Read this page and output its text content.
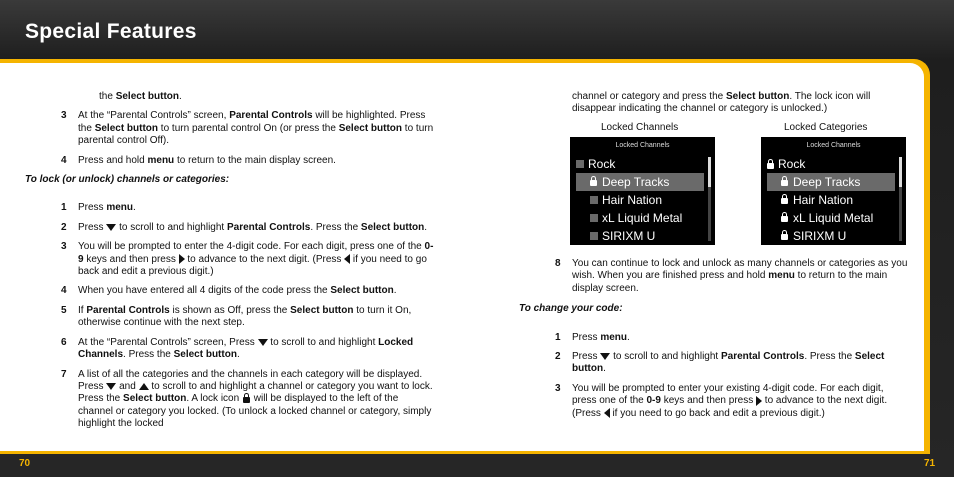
Special Features

the Select button.

3 At the “Parental Controls” screen, Parental Controls will be highlighted. Press the Select button to turn parental control On (or press the Select button to turn parental control Off).

4 Press and hold menu to return to the main display screen.

To lock (or unlock) channels or categories:

1 Press menu.

2 Press  to scroll to and highlight Parental Controls. Press the Select button.

3 You will be prompted to enter the 4-digit code. For each digit, press one of the 0-9 keys and then press  to advance to the next digit. (Press  if you need to go back and edit a previous digit.)

4 When you have entered all 4 digits of the code press the Select button.

5 If Parental Controls is shown as Off, press the Select button to turn it On, otherwise continue with the next step.

6 At the “Parental Controls” screen, Press  to scroll to and highlight Locked Channels. Press the Select button.

7 A list of all the categories and the channels in each category will be displayed. Press  and  to scroll to and highlight a channel or category you want to lock. Press the Select button. A lock icon  will be displayed to the left of the channel or category you locked. (To unlock a locked channel or category, simply highlight the locked

channel or category and press the Select button. The lock icon will disappear indicating the channel or category is unlocked.)
Locked Channels	Locked Categories
Locked Channels
Rock
Deep Tracks
Hair Nation
xL Liquid Metal
SIRIXM U
Locked Channels
Rock
Deep Tracks
Hair Nation
xL Liquid Metal
SIRIXM U

8 You can continue to lock and unlock as many channels or categories as you wish. When you are finished press and hold menu to return to the main display screen.

To change your code:

1 Press menu.

2 Press  to scroll to and highlight Parental Controls. Press the Select button.

3 You will be prompted to enter your existing 4-digit code. For each digit, press one of the 0-9 keys and then press  to advance to the next digit. (Press  if you need to go back and edit a previous digit.)

70	71
